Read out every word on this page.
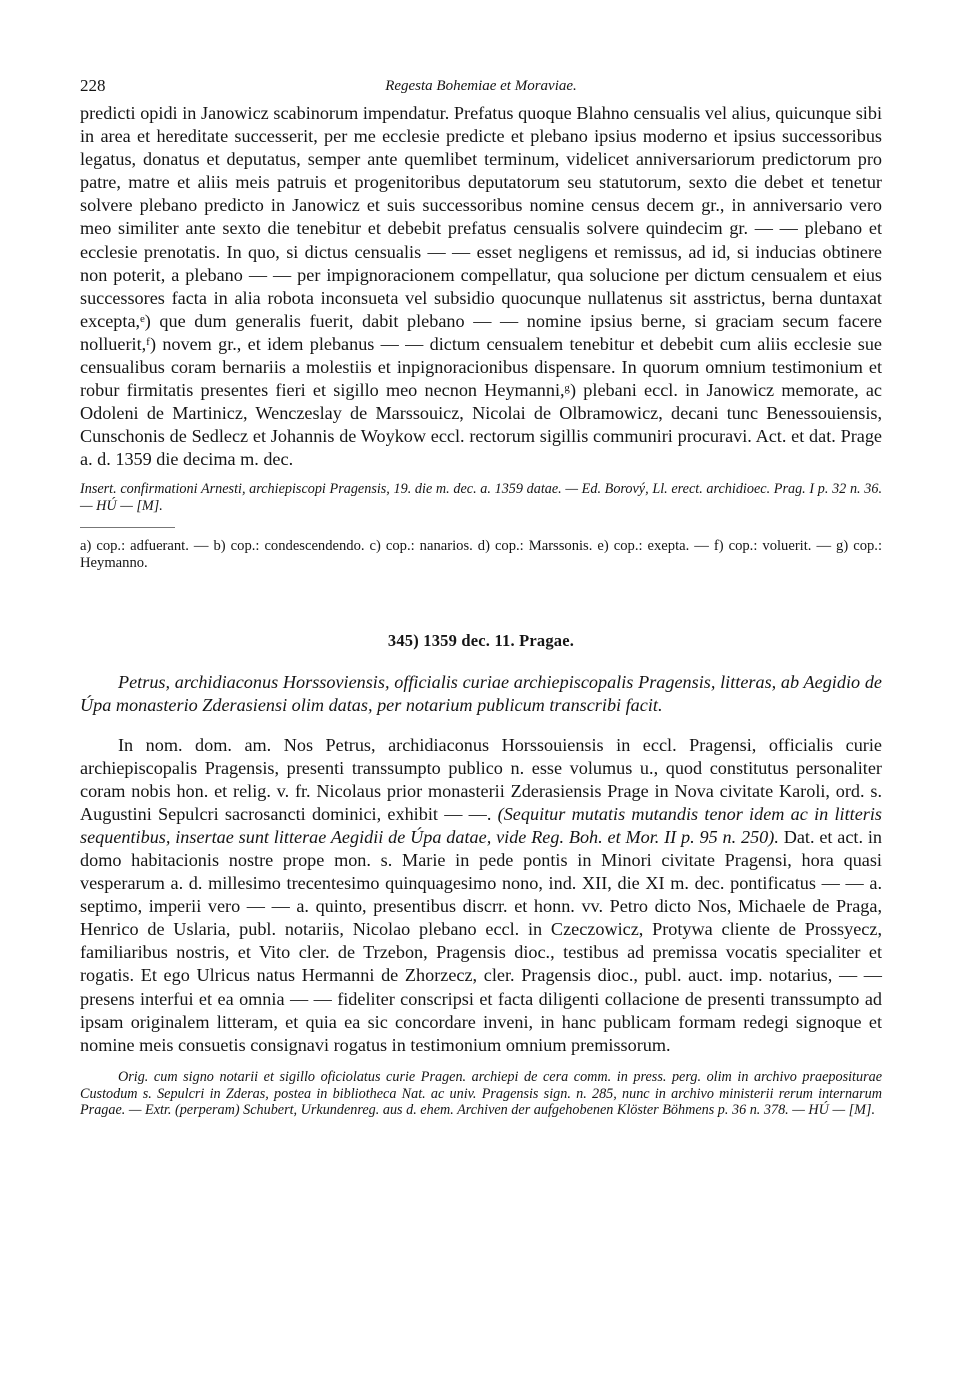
228	Regesta Bohemiae et Moraviae.

predicti opidi in Janowicz scabinorum impendatur. Prefatus quoque Blahno censualis vel alius, quicunque sibi in area et hereditate successerit, per me ecclesie predicte et plebano ipsius moderno et ipsius successoribus legatus, donatus et deputatus, semper ante quemlibet terminum, videlicet anniversariorum predictorum pro patre, matre et aliis meis patruis et progenitoribus deputatorum seu statutorum, sexto die debet et tenetur solvere plebano predicto in Janowicz et suis successoribus nomine census decem gr., in anniversario vero meo similiter ante sexto die tenebitur et debebit prefatus censualis solvere quindecim gr. — — plebano et ecclesie prenotatis. In quo, si dictus censualis — — esset negligens et remissus, ad id, si inducias obtinere non poterit, a plebano — — per impignoracionem compellatur, qua solucione per dictum censualem et eius successores facta in alia robota inconsueta vel subsidio quocunque nullatenus sit asstrictus, berna duntaxat excepta,ᵉ) que dum generalis fuerit, dabit plebano — — nomine ipsius berne, si graciam secum facere nolluerit,ᶠ) novem gr., et idem plebanus — — dictum censualem tenebitur et debebit cum aliis ecclesie sue censualibus coram bernariis a molestiis et inpignoracionibus dispensare. In quorum omnium testimonium et robur firmitatis presentes fieri et sigillo meo necnon Heymanni,ᵍ) plebani eccl. in Janowicz memorate, ac Odoleni de Martinicz, Wenczeslay de Marssouicz, Nicolai de Olbramowicz, decani tunc Benessouiensis, Cunschonis de Sedlecz et Johannis de Woykow eccl. rectorum sigillis communiri procuravi. Act. et dat. Prage a. d. 1359 die decima m. dec.

Insert. confirmationi Arnesti, archiepiscopi Pragensis, 19. die m. dec. a. 1359 datae. — Ed. Borový, Ll. erect. archidioec. Prag. I p. 32 n. 36. — HÚ — [M].

a) cop.: adfuerant. — b) cop.: condescendendo. c) cop.: nanarios. d) cop.: Marssonis. e) cop.: exepta. — f) cop.: voluerit. — g) cop.: Heymanno.

345) 1359 dec. 11. Pragae.

Petrus, archidiaconus Horssoviensis, officialis curiae archiepiscopalis Pragensis, litteras, ab Aegidio de Úpa monasterio Zderasiensi olim datas, per notarium publicum transcribi facit.

In nom. dom. am. Nos Petrus, archidiaconus Horssouiensis in eccl. Pragensi, officialis curie archiepiscopalis Pragensis, presenti transsumpto publico n. esse volumus u., quod constitutus personaliter coram nobis hon. et relig. v. fr. Nicolaus prior monasterii Zderasiensis Prage in Nova civitate Karoli, ord. s. Augustini Sepulcri sacrosancti dominici, exhibit — —. (Sequitur mutatis mutandis tenor idem ac in litteris sequentibus, insertae sunt litterae Aegidii de Úpa datae, vide Reg. Boh. et Mor. II p. 95 n. 250). Dat. et act. in domo habitacionis nostre prope mon. s. Marie in pede pontis in Minori civitate Pragensi, hora quasi vesperarum a. d. millesimo trecentesimo quinquagesimo nono, ind. XII, die XI m. dec. pontificatus — — a. septimo, imperii vero — — a. quinto, presentibus discrr. et honn. vv. Petro dicto Nos, Michaele de Praga, Henrico de Uslaria, publ. notariis, Nicolao plebano eccl. in Czeczowicz, Protywa cliente de Prossyecz, familiaribus nostris, et Vito cler. de Trzebon, Pragensis dioc., testibus ad premissa vocatis specialiter et rogatis. Et ego Ulricus natus Hermanni de Zhorzecz, cler. Pragensis dioc., publ. auct. imp. notarius, — — presens interfui et ea omnia — — fideliter conscripsi et facta diligenti collacione de presenti transsumpto ad ipsam originalem litteram, et quia ea sic concordare inveni, in hanc publicam formam redegi signoque et nomine meis consuetis consignavi rogatus in testimonium omnium premissorum.

Orig. cum signo notarii et sigillo oficiolatus curie Pragen. archiepi de cera comm. in press. perg. olim in archivo praepositurae Custodum s. Sepulcri in Zderas, postea in bibliotheca Nat. ac univ. Pragensis sign. n. 285, nunc in archivo ministerii rerum internarum Pragae. — Extr. (perperam) Schubert, Urkundenreg. aus d. ehem. Archiven der aufgehobenen Klöster Böhmens p. 36 n. 378. — HÚ — [M].
